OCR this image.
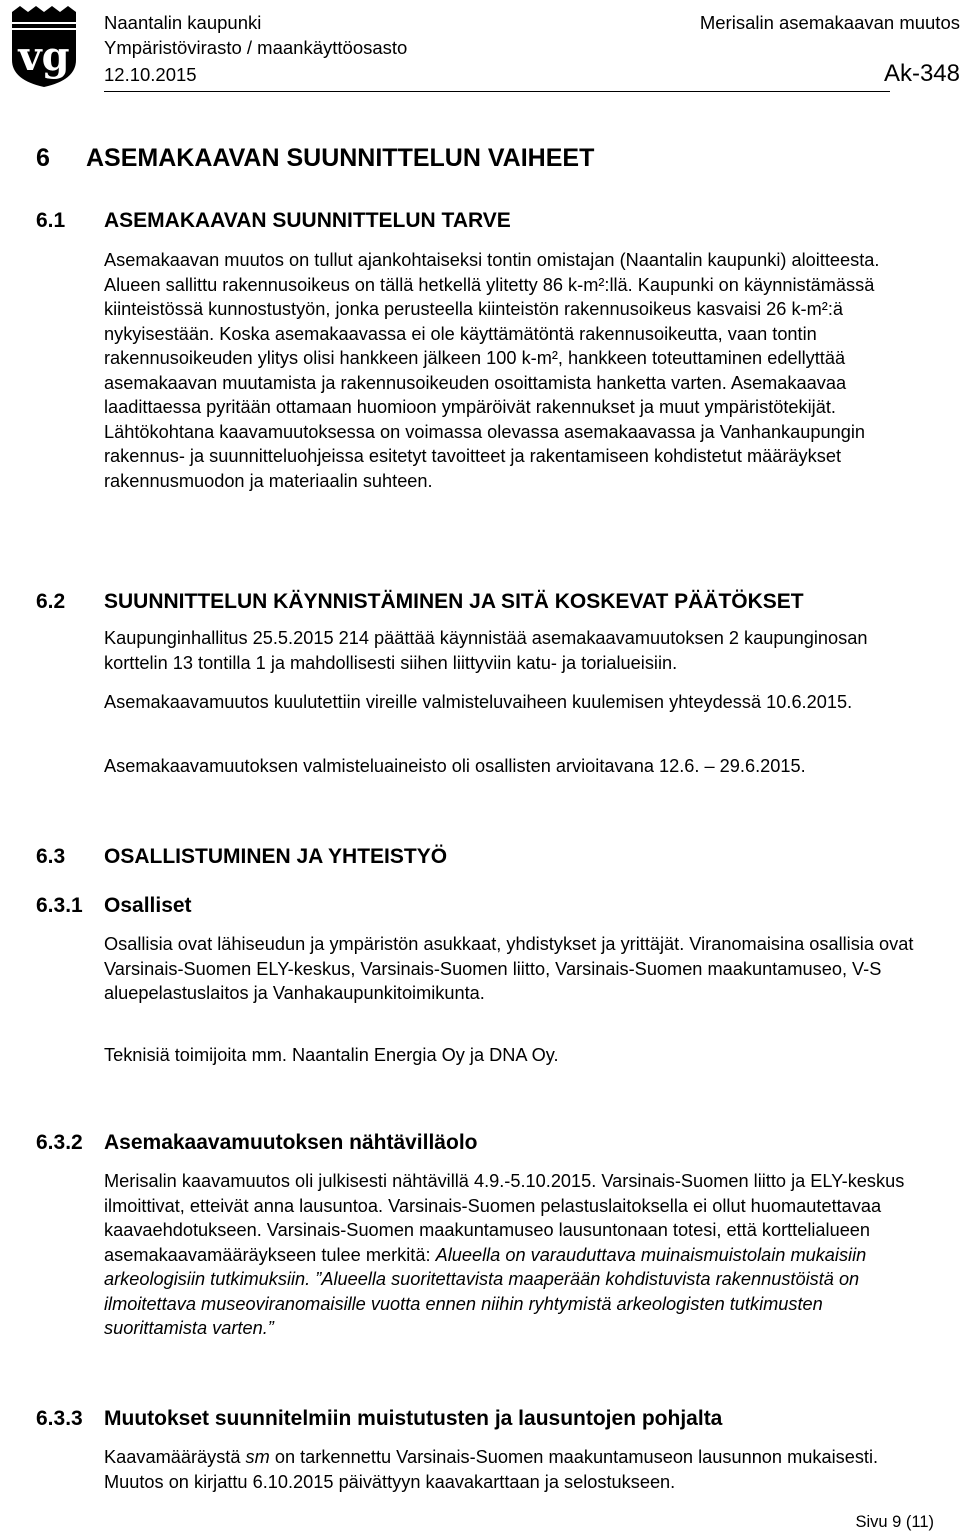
vg
Naantalin kaupunki
Ympäristövirasto / maankäyttöosasto
12.10.2015
Merisalin asemakaavan muutos
Ak-348
6 ASEMAKAAVAN SUUNNITTELUN VAIHEET
6.1 ASEMAKAAVAN SUUNNITTELUN TARVE
Asemakaavan muutos on tullut ajankohtaiseksi tontin omistajan (Naantalin kaupunki) aloitteesta. Alueen sallittu rakennusoikeus on tällä hetkellä ylitetty 86 k-m²:llä. Kaupunki on käynnistämässä kiinteistössä kunnostustyön, jonka perusteella kiinteistön rakennusoikeus kasvaisi 26 k-m²:ä nykyisestään. Koska asemakaavassa ei ole käyttämätöntä rakennusoikeutta, vaan tontin rakennusoikeuden ylitys olisi hankkeen jälkeen 100 k-m², hankkeen toteuttaminen edellyttää asemakaavan muutamista ja rakennusoikeuden osoittamista hanketta varten. Asemakaavaa laadittaessa pyritään ottamaan huomioon ympäröivät rakennukset ja muut ympäristötekijät. Lähtökohtana kaavamuutoksessa on voimassa olevassa asemakaavassa ja Vanhankaupungin rakennus- ja suunnitteluohjeissa esitetyt tavoitteet ja rakentamiseen kohdistetut määräykset rakennusmuodon ja materiaalin suhteen.
6.2 SUUNNITTELUN KÄYNNISTÄMINEN JA SITÄ KOSKEVAT PÄÄTÖKSET
Kaupunginhallitus 25.5.2015 214 päättää käynnistää asemakaavamuutoksen 2 kaupunginosan korttelin 13 tontilla 1 ja mahdollisesti siihen liittyviin katu- ja torialueisiin.
Asemakaavamuutos kuulutettiin vireille valmisteluvaiheen kuulemisen yhteydessä 10.6.2015.
Asemakaavamuutoksen valmisteluaineisto oli osallisten arvioitavana 12.6. – 29.6.2015.
6.3 OSALLISTUMINEN JA YHTEISTYÖ
6.3.1 Osalliset
Osallisia ovat lähiseudun ja ympäristön asukkaat, yhdistykset ja yrittäjät. Viranomaisina osallisia ovat Varsinais-Suomen ELY-keskus, Varsinais-Suomen liitto, Varsinais-Suomen maakuntamuseo, V-S aluepelastuslaitos ja Vanhakaupunkitoimikunta.
Teknisiä toimijoita mm. Naantalin Energia Oy ja DNA Oy.
6.3.2 Asemakaavamuutoksen nähtävilläolo
Merisalin kaavamuutos oli julkisesti nähtävillä 4.9.-5.10.2015. Varsinais-Suomen liitto ja ELY-keskus ilmoittivat, etteivät anna lausuntoa. Varsinais-Suomen pelastuslaitoksella ei ollut huomautettavaa kaavaehdotukseen. Varsinais-Suomen maakuntamuseo lausuntonaan totesi, että korttelialueen asemakaavamääräykseen tulee merkitä: Alueella on varauduttava muinaismuistolain mukaisiin arkeologisiin tutkimuksiin. ”Alueella suoritettavista maaperään kohdistuvista rakennustöistä on ilmoitettava museoviranomaisille vuotta ennen niihin ryhtymistä arkeologisten tutkimusten suorittamista varten.”
6.3.3 Muutokset suunnitelmiin muistutusten ja lausuntojen pohjalta
Kaavamääräystä sm on tarkennettu Varsinais-Suomen maakuntamuseon lausunnon mukaisesti. Muutos on kirjattu 6.10.2015 päivättyyn kaavakarttaan ja selostukseen.
Sivu 9 (11)
